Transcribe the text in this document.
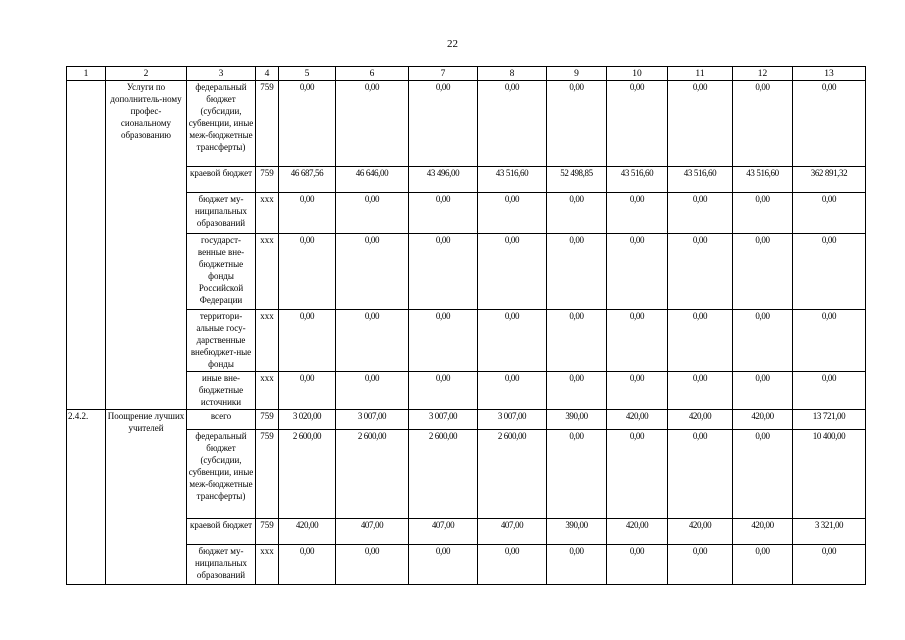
22
1	2	3	4	5	6	7	8	9	10	11	12	13
	Услуги по дополнитель-ному профес-сиональному образованию	федеральный бюджет (субсидии, субвенции, иные меж-бюджетные трансферты)	759	0,00	0,00	0,00	0,00	0,00	0,00	0,00	0,00	0,00
		краевой бюджет	759	46 687,56	46 646,00	43 496,00	43 516,60	52 498,85	43 516,60	43 516,60	43 516,60	362 891,32
		бюджет му-ниципальных образований	ххх	0,00	0,00	0,00	0,00	0,00	0,00	0,00	0,00	0,00
		государст-венные вне-бюджетные фонды Российской Федерации	ххх	0,00	0,00	0,00	0,00	0,00	0,00	0,00	0,00	0,00
		территори-альные госу-дарственные внебюджет-ные фонды	ххх	0,00	0,00	0,00	0,00	0,00	0,00	0,00	0,00	0,00
		иные вне-бюджетные источники	ххх	0,00	0,00	0,00	0,00	0,00	0,00	0,00	0,00	0,00
2.4.2.	Поощрение лучших учителей	всего	759	3 020,00	3 007,00	3 007,00	3 007,00	390,00	420,00	420,00	420,00	13 721,00
		федеральный бюджет (субсидии, субвенции, иные меж-бюджетные трансферты)	759	2 600,00	2 600,00	2 600,00	2 600,00	0,00	0,00	0,00	0,00	10 400,00
		краевой бюджет	759	420,00	407,00	407,00	407,00	390,00	420,00	420,00	420,00	3 321,00
		бюджет му-ниципальных образований	ххх	0,00	0,00	0,00	0,00	0,00	0,00	0,00	0,00	0,00
